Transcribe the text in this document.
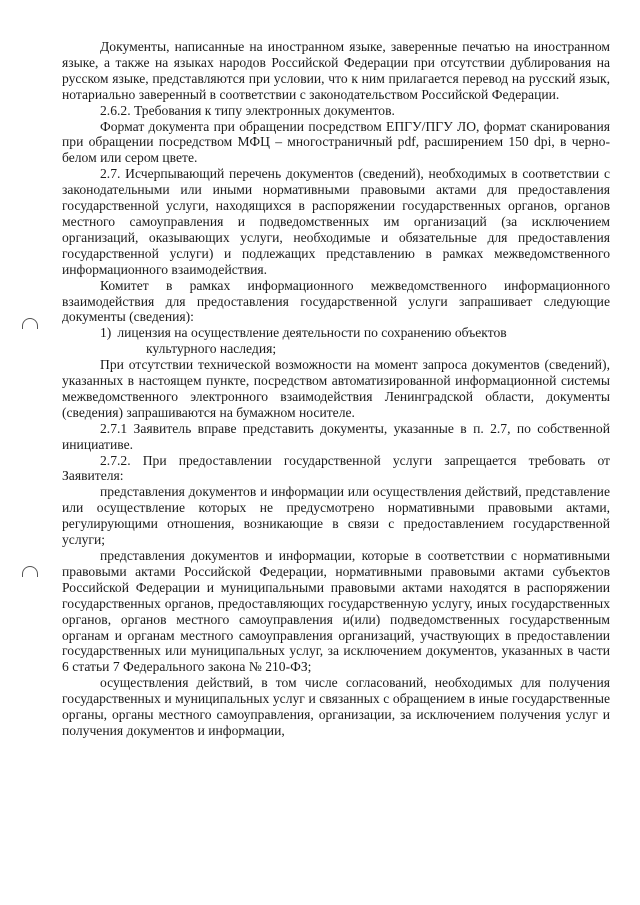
Документы, написанные на иностранном языке, заверенные печатью на иностранном языке, а также на языках народов Российской Федерации при отсутствии дублирования на русском языке, представляются при условии, что к ним прилагается перевод на русский язык, нотариально заверенный в соответствии с законодательством Российской Федерации.

2.6.2. Требования к типу электронных документов.

Формат документа при обращении посредством ЕПГУ/ПГУ ЛО, формат сканирования при обращении посредством МФЦ – многостраничный pdf, расширением 150 dpi, в черно-белом или сером цвете.

2.7. Исчерпывающий перечень документов (сведений), необходимых в соответствии с законодательными или иными нормативными правовыми актами для предоставления государственной услуги, находящихся в распоряжении государственных органов, органов местного самоуправления и подведомственных им организаций (за исключением организаций, оказывающих услуги, необходимые и обязательные для предоставления государственной услуги) и подлежащих представлению в рамках межведомственного информационного взаимодействия.

Комитет в рамках информационного межведомственного информационного взаимодействия для предоставления государственной услуги запрашивает следующие документы (сведения):

1) лицензия на осуществление деятельности по сохранению объектов
культурного наследия;

При отсутствии технической возможности на момент запроса документов (сведений), указанных в настоящем пункте, посредством автоматизированной информационной системы межведомственного электронного взаимодействия Ленинградской области, документы (сведения) запрашиваются на бумажном носителе.

2.7.1 Заявитель вправе представить документы, указанные в п. 2.7, по собственной инициативе.

2.7.2. При предоставлении государственной услуги запрещается требовать от Заявителя:

представления документов и информации или осуществления действий, представление или осуществление которых не предусмотрено нормативными правовыми актами, регулирующими отношения, возникающие в связи с предоставлением государственной услуги;

представления документов и информации, которые в соответствии с нормативными правовыми актами Российской Федерации, нормативными правовыми актами субъектов Российской Федерации и муниципальными правовыми актами находятся в распоряжении государственных органов, предоставляющих государственную услугу, иных государственных органов, органов местного самоуправления и(или) подведомственных государственным органам и органам местного самоуправления организаций, участвующих в предоставлении государственных или муниципальных услуг, за исключением документов, указанных в части 6 статьи 7 Федерального закона № 210-ФЗ;

осуществления действий, в том числе согласований, необходимых для получения государственных и муниципальных услуг и связанных с обращением в иные государственные органы, органы местного самоуправления, организации, за исключением получения услуг и получения документов и информации,
